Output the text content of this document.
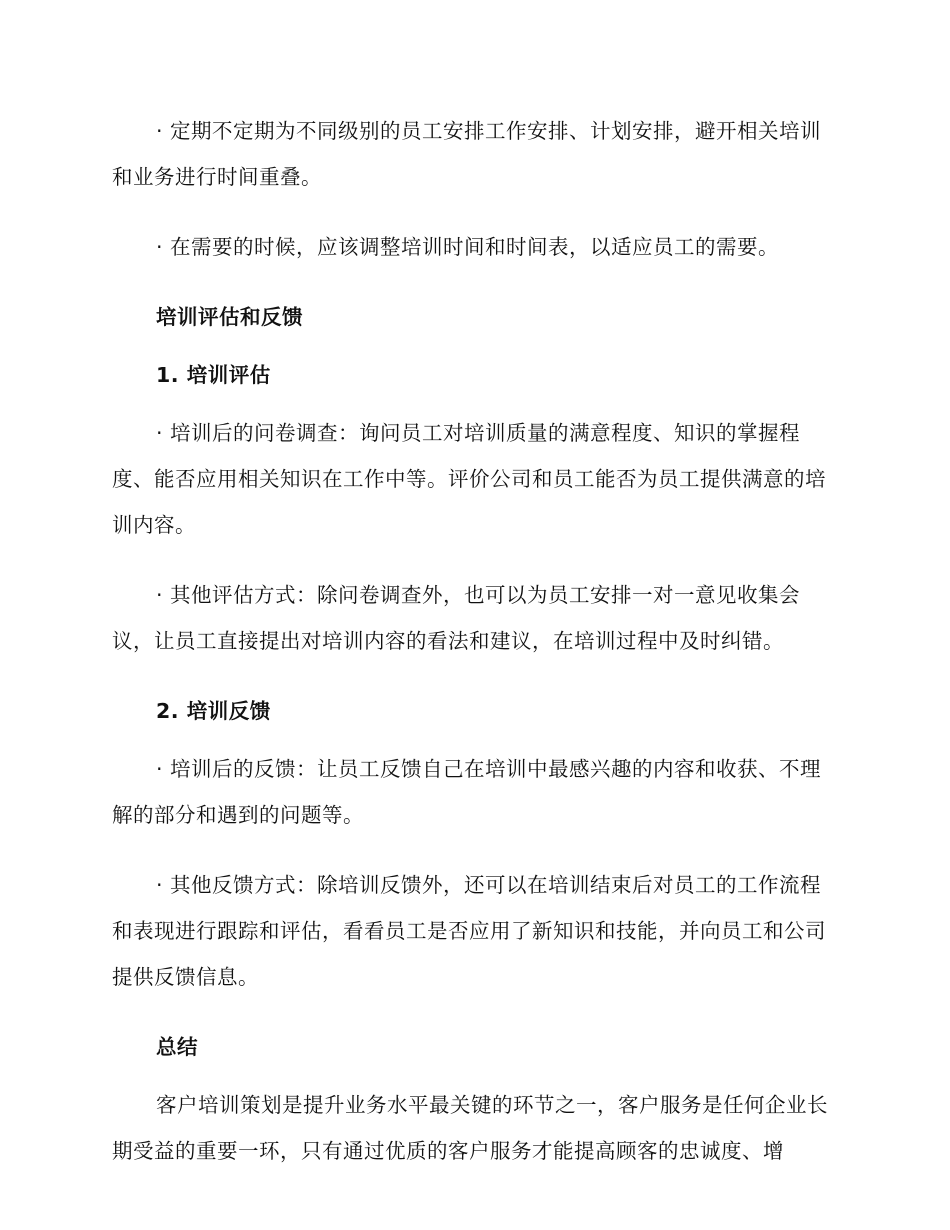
· 定期不定期为不同级别的员工安排工作安排、计划安排，避开相关培训和业务进行时间重叠。

· 在需要的时候，应该调整培训时间和时间表，以适应员工的需要。

培训评估和反馈
1. 培训评估

· 培训后的问卷调查：询问员工对培训质量的满意程度、知识的掌握程度、能否应用相关知识在工作中等。评价公司和员工能否为员工提供满意的培训内容。

· 其他评估方式：除问卷调查外，也可以为员工安排一对一意见收集会议，让员工直接提出对培训内容的看法和建议，在培训过程中及时纠错。

2. 培训反馈

· 培训后的反馈：让员工反馈自己在培训中最感兴趣的内容和收获、不理解的部分和遇到的问题等。

· 其他反馈方式：除培训反馈外，还可以在培训结束后对员工的工作流程和表现进行跟踪和评估，看看员工是否应用了新知识和技能，并向员工和公司提供反馈信息。

总结

客户培训策划是提升业务水平最关键的环节之一，客户服务是任何企业长期受益的重要一环，只有通过优质的客户服务才能提高顾客的忠诚度、增
